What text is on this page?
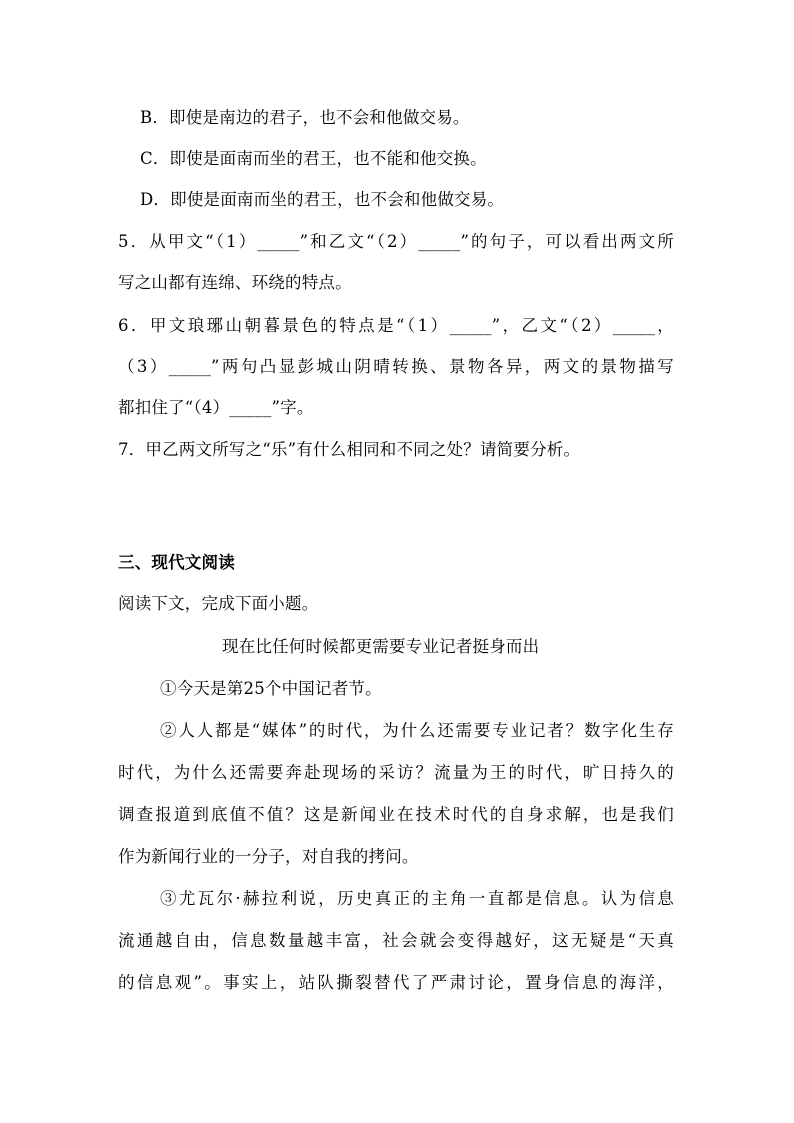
B．即使是南边的君子，也不会和他做交易。
C．即使是面南而坐的君王，也不能和他交换。
D．即使是面南而坐的君王，也不会和他做交易。
5．从甲文“（1）_____”和乙文“（2）_____”的句子，可以看出两文所
写之山都有连绵、环绕的特点。
6．甲文琅琊山朝暮景色的特点是“（1）_____”，乙文“（2）_____，
（3）_____”两句凸显彭城山阴晴转换、景物各异，两文的景物描写
都扣住了“（4）_____”字。
7．甲乙两文所写之“乐”有什么相同和不同之处？请简要分析。
三、现代文阅读
阅读下文，完成下面小题。
现在比任何时候都更需要专业记者挺身而出
①今天是第25个中国记者节。
②人人都是“媒体”的时代，为什么还需要专业记者？数字化生存
时代，为什么还需要奔赴现场的采访？流量为王的时代，旷日持久的
调查报道到底值不值？这是新闻业在技术时代的自身求解，也是我们
作为新闻行业的一分子，对自我的拷问。
③尤瓦尔·赫拉利说，历史真正的主角一直都是信息。认为信息
流通越自由，信息数量越丰富，社会就会变得越好，这无疑是“天真
的信息观”。事实上，站队撕裂替代了严肃讨论，置身信息的海洋，
